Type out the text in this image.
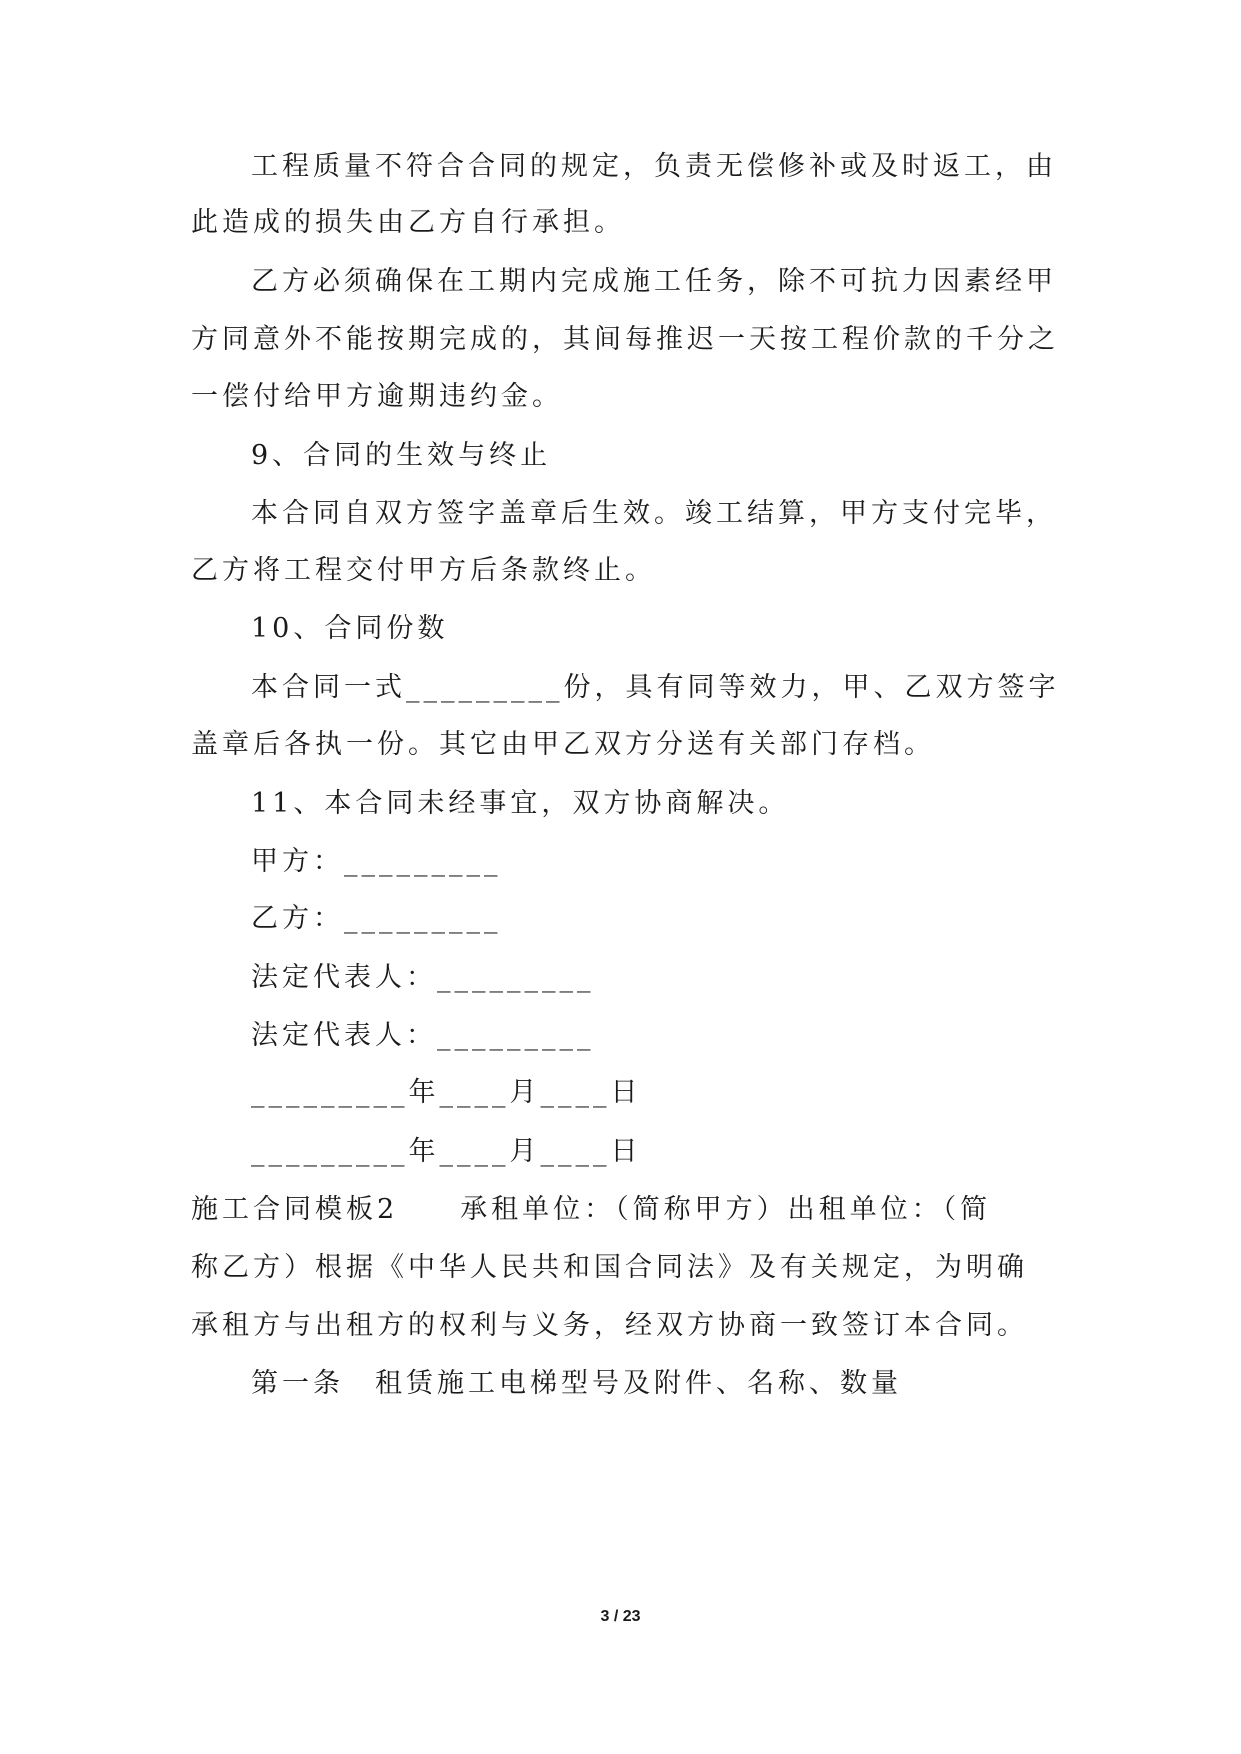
工程质量不符合合同的规定，负责无偿修补或及时返工，由
此造成的损失由乙方自行承担。
乙方必须确保在工期内完成施工任务，除不可抗力因素经甲
方同意外不能按期完成的，其间每推迟一天按工程价款的千分之
一偿付给甲方逾期违约金。
9、合同的生效与终止
本合同自双方签字盖章后生效。竣工结算，甲方支付完毕，
乙方将工程交付甲方后条款终止。
10、合同份数
本合同一式_________份，具有同等效力，甲、乙双方签字
盖章后各执一份。其它由甲乙双方分送有关部门存档。
11、本合同未经事宜，双方协商解决。
甲方：_________
乙方：_________
法定代表人：_________
法定代表人：_________
_________年____月____日
_________年____月____日
施工合同模板2　　承租单位：（简称甲方）出租单位：（简
称乙方）根据《中华人民共和国合同法》及有关规定，为明确
承租方与出租方的权利与义务，经双方协商一致签订本合同。
第一条　租赁施工电梯型号及附件、名称、数量
3 / 23
